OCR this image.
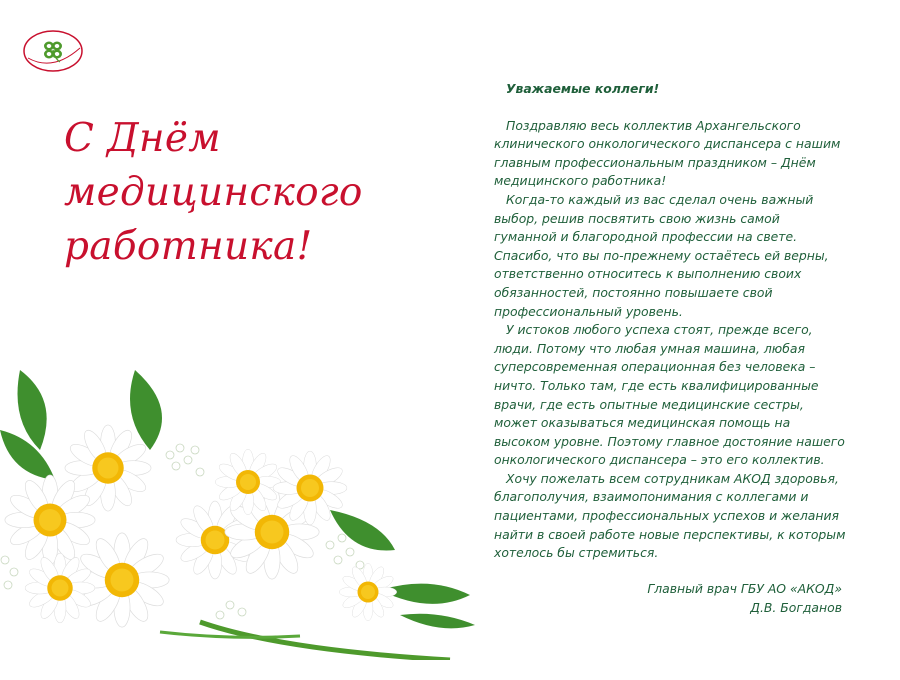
С Днём
медицинского
работника!
Уважаемые коллеги!

Поздравляю весь коллектив Архангельского клинического онкологического диспансера с нашим главным профессиональным праздником – Днём медицинского работника!

Когда-то каждый из вас сделал очень важный выбор, решив посвятить свою жизнь самой гуманной и благородной профессии на свете. Спасибо, что вы по-прежнему остаётесь ей верны, ответственно относитесь к выполнению своих обязанностей, постоянно повышаете свой профессиональный уровень.

У истоков любого успеха стоят, прежде всего, люди. Потому что любая умная машина, любая суперсовременная операционная без человека – ничто. Только там, где есть квалифицированные врачи, где есть опытные медицинские сестры, может оказываться медицинская помощь на высоком уровне. Поэтому главное достояние нашего онкологического диспансера – это его коллектив.

Хочу пожелать всем сотрудникам АКОД здоровья, благополучия, взаимопонимания с коллегами и пациентами, профессиональных успехов и желания найти в своей работе новые перспективы, к которым хотелось бы стремиться.

Главный врач ГБУ АО «АКОД»
Д.В. Богданов
